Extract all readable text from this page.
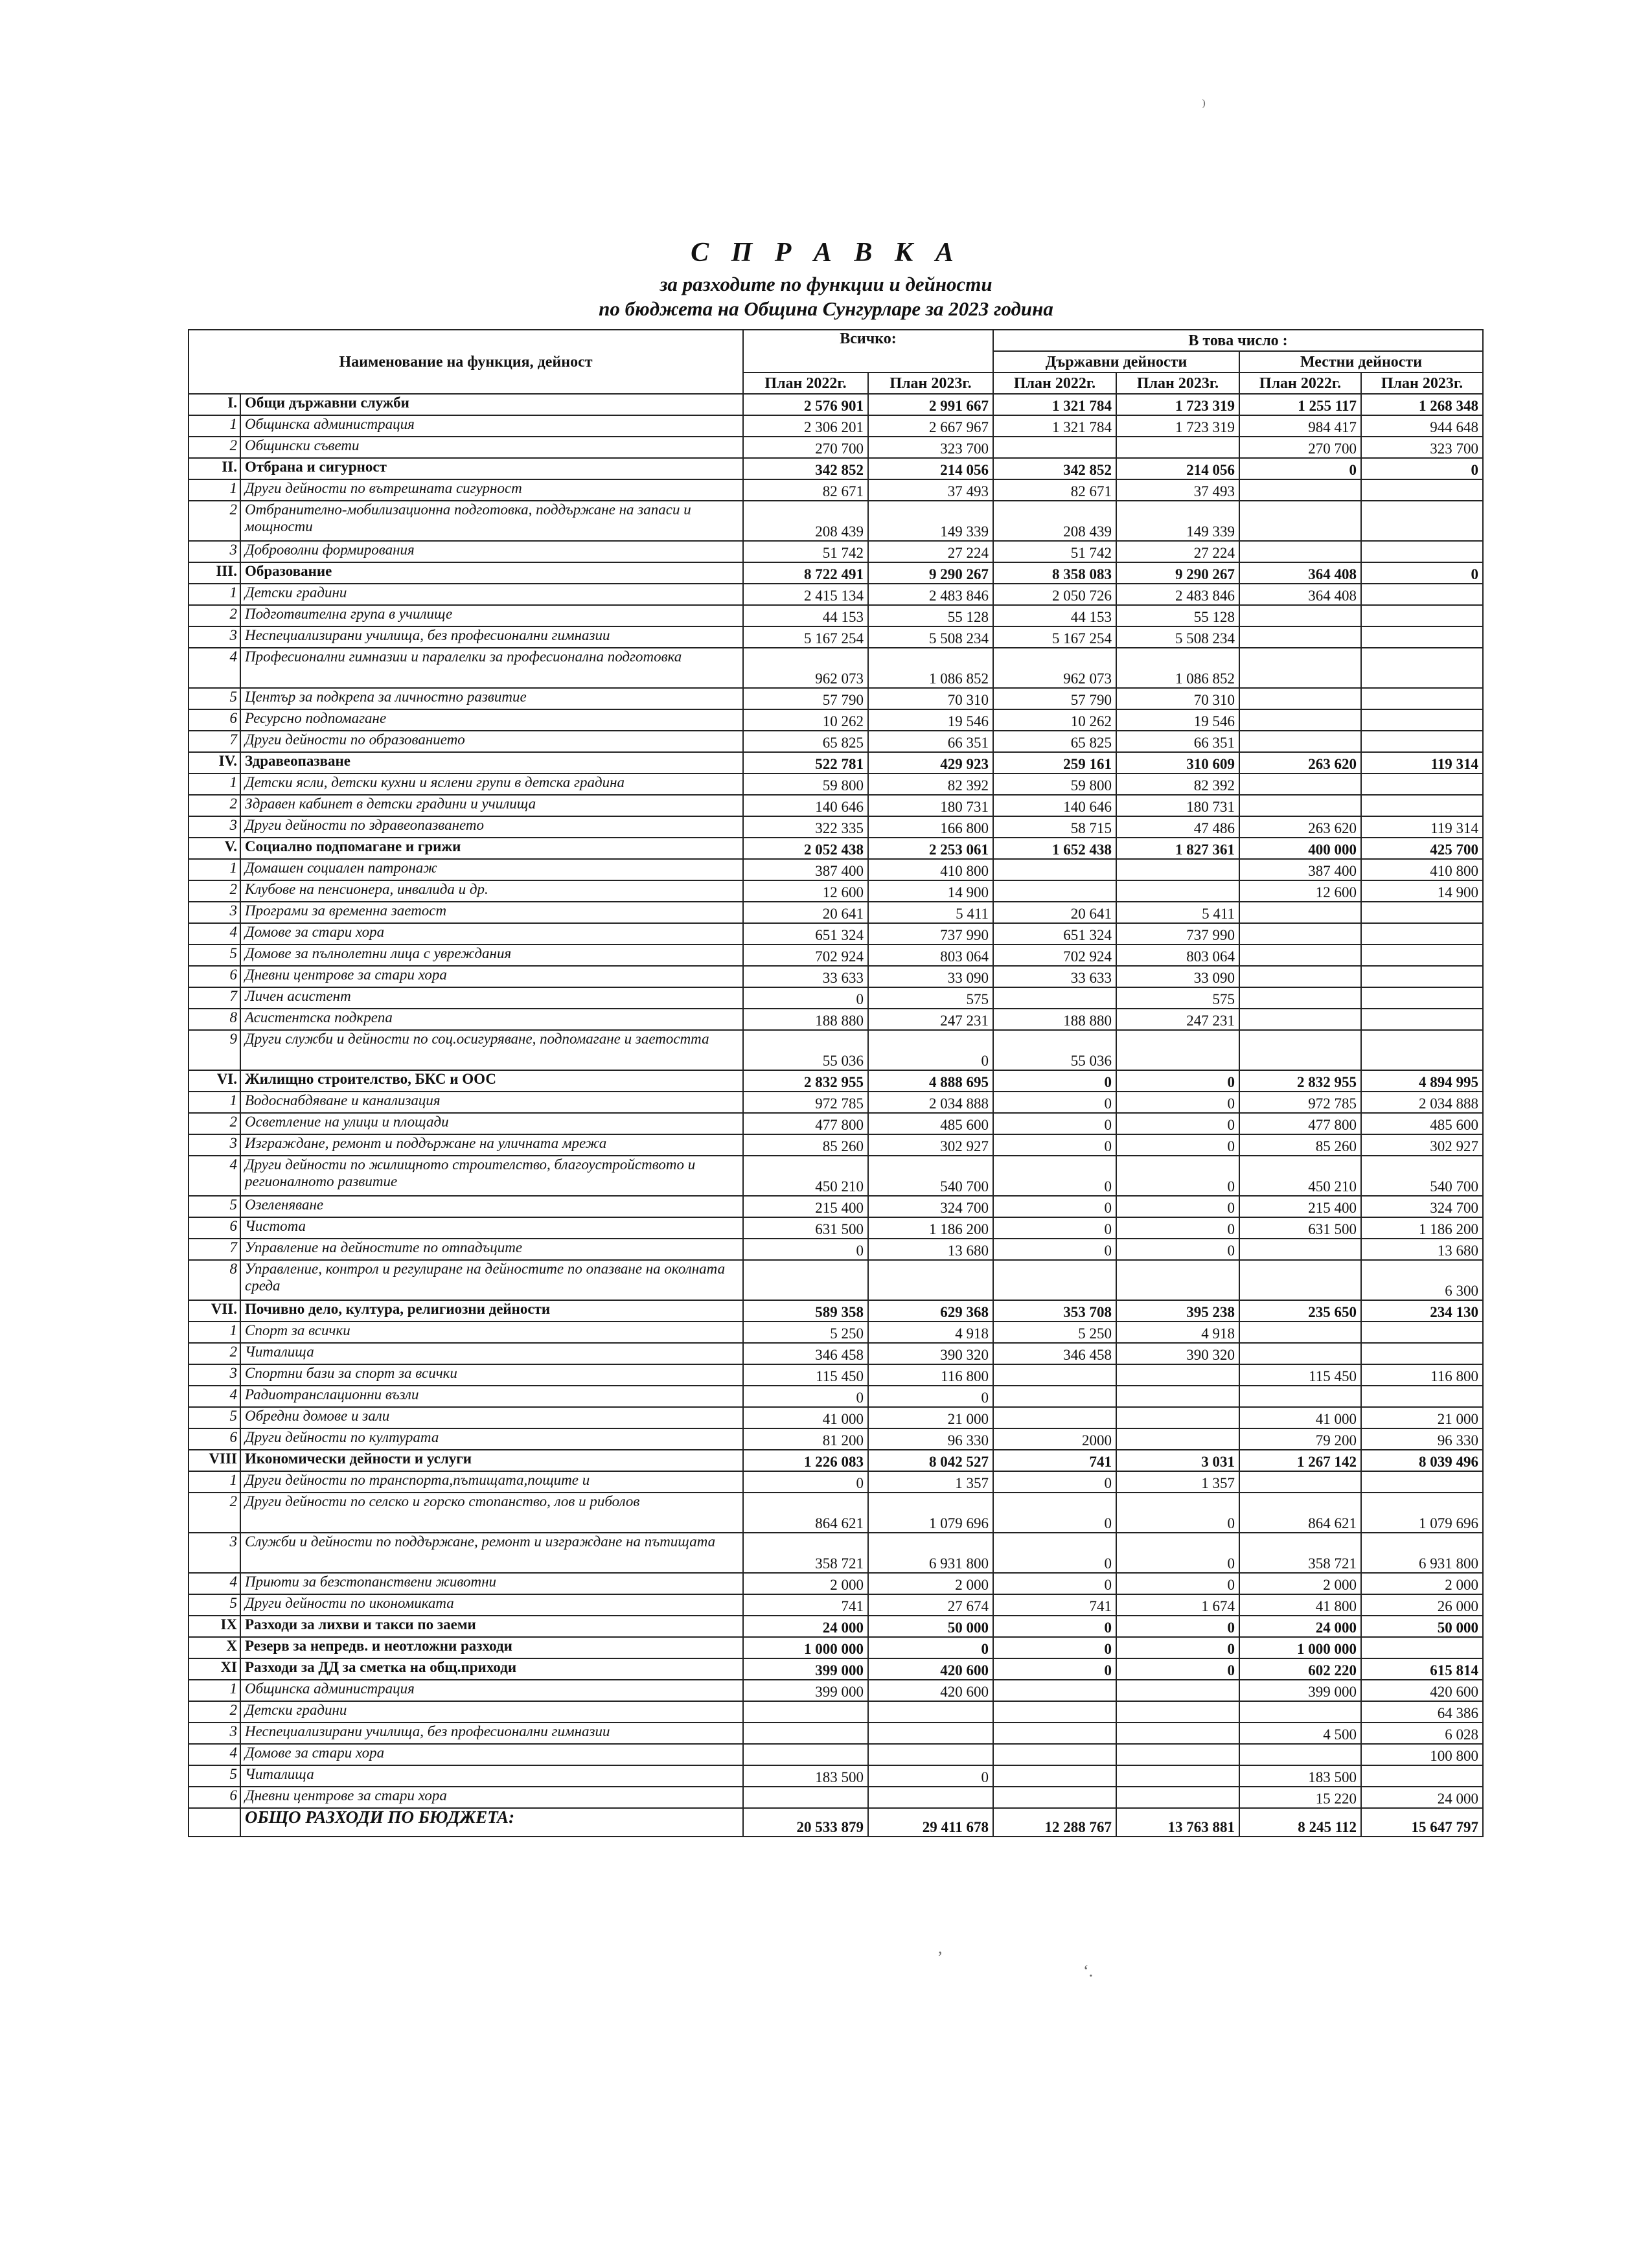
⁾
,
‘.
С П Р А В К А
за разходите по функции и дейности
по бюджета на Община Сунгурларе за 2023 година
Наименование на функция, дейност		Всичко:		В това число :			
				Държавни дейности		Местни дейности	
		План 2022г.	План 2023г.	План 2022г.	План 2023г.	План 2022г.	План 2023г.
I.	Общи държавни служби	2 576 901	2 991 667	1 321 784	1 723 319	1 255 117	1 268 348
1	Общинска администрация	2 306 201	2 667 967	1 321 784	1 723 319	984 417	944 648
2	Общински съвети	270 700	323 700			270 700	323 700
II.	Отбрана и сигурност	342 852	214 056	342 852	214 056	0	0
1	Други дейности по вътрешната сигурност	82 671	37 493	82 671	37 493		
2	Отбранително-мобилизационна подготовка, поддържане на запаси и мощности	208 439	149 339	208 439	149 339		
3	Доброволни формирования	51 742	27 224	51 742	27 224		
III.	Образование	8 722 491	9 290 267	8 358 083	9 290 267	364 408	0
1	Детски градини	2 415 134	2 483 846	2 050 726	2 483 846	364 408	
2	Подготвителна група в училище	44 153	55 128	44 153	55 128		
3	Неспециализирани училища, без професионални гимназии	5 167 254	5 508 234	5 167 254	5 508 234		
4	Професионални гимназии и паралелки за професионална подготовка	962 073	1 086 852	962 073	1 086 852		
5	Център за подкрепа за личностно развитие	57 790	70 310	57 790	70 310		
6	Ресурсно подпомагане	10 262	19 546	10 262	19 546		
7	Други дейности по образованието	65 825	66 351	65 825	66 351		
IV.	Здравеопазване	522 781	429 923	259 161	310 609	263 620	119 314
1	Детски ясли, детски кухни и яслени групи в детска градина	59 800	82 392	59 800	82 392		
2	Здравен кабинет в детски градини и училища	140 646	180 731	140 646	180 731		
3	Други дейности по здравеопазването	322 335	166 800	58 715	47 486	263 620	119 314
V.	Социално подпомагане и грижи	2 052 438	2 253 061	1 652 438	1 827 361	400 000	425 700
1	Домашен социален патронаж	387 400	410 800			387 400	410 800
2	Клубове на пенсионера, инвалида и др.	12 600	14 900			12 600	14 900
3	Програми за временна заетост	20 641	5 411	20 641	5 411		
4	Домове за стари хора	651 324	737 990	651 324	737 990		
5	Домове за пълнолетни лица с увреждания	702 924	803 064	702 924	803 064		
6	Дневни центрове за стари хора	33 633	33 090	33 633	33 090		
7	Личен асистент	0	575		575		
8	Асистентска подкрепа	188 880	247 231	188 880	247 231		
9	Други служби и дейности по соц.осигуряване, подпомагане и заетостта	55 036	0	55 036			
VI.	Жилищно строителство, БКС и ООС	2 832 955	4 888 695	0	0	2 832 955	4 894 995
1	Водоснабдяване и канализация	972 785	2 034 888	0	0	972 785	2 034 888
2	Осветление на улици и площади	477 800	485 600	0	0	477 800	485 600
3	Изграждане, ремонт и поддържане на уличната мрежа	85 260	302 927	0	0	85 260	302 927
4	Други дейности по жилищното строителство, благоустройството и регионалното развитие	450 210	540 700	0	0	450 210	540 700
5	Озеленяване	215 400	324 700	0	0	215 400	324 700
6	Чистота	631 500	1 186 200	0	0	631 500	1 186 200
7	Управление на дейностите по отпадъците	0	13 680	0	0		13 680
8	Управление, контрол и регулиране на дейностите по опазване на околната среда						6 300
VII.	Почивно дело, култура, религиозни дейности	589 358	629 368	353 708	395 238	235 650	234 130
1	Спорт за всички	5 250	4 918	5 250	4 918		
2	Читалища	346 458	390 320	346 458	390 320		
3	Спортни бази за спорт за всички	115 450	116 800			115 450	116 800
4	Радиотранслационни възли	0	0				
5	Обредни домове и зали	41 000	21 000			41 000	21 000
6	Други дейности по културата	81 200	96 330	2000		79 200	96 330
VIII	Икономически дейности и услуги	1 226 083	8 042 527	741	3 031	1 267 142	8 039 496
1	Други дейности по транспорта,пътищата,пощите и	0	1 357	0	1 357		
2	Други дейности по селско и горско стопанство, лов и риболов	864 621	1 079 696	0	0	864 621	1 079 696
3	Служби и дейности по поддържане, ремонт и изграждане на пътищата	358 721	6 931 800	0	0	358 721	6 931 800
4	Приюти за безстопанствени животни	2 000	2 000	0	0	2 000	2 000
5	Други дейности по икономиката	741	27 674	741	1 674	41 800	26 000
IX	Разходи за лихви и такси по заеми	24 000	50 000	0	0	24 000	50 000
X	Резерв за непредв. и неотложни разходи	1 000 000	0	0	0	1 000 000	
XI	Разходи за ДД за сметка на общ.приходи	399 000	420 600	0	0	602 220	615 814
1	Общинска администрация	399 000	420 600			399 000	420 600
2	Детски градини						64 386
3	Неспециализирани училища, без професионални гимназии					4 500	6 028
4	Домове за стари хора						100 800
5	Читалища	183 500	0			183 500	
6	Дневни центрове за стари хора					15 220	24 000
	ОБЩО РАЗХОДИ ПО БЮДЖЕТА:	20 533 879	29 411 678	12 288 767	13 763 881	8 245 112	15 647 797
